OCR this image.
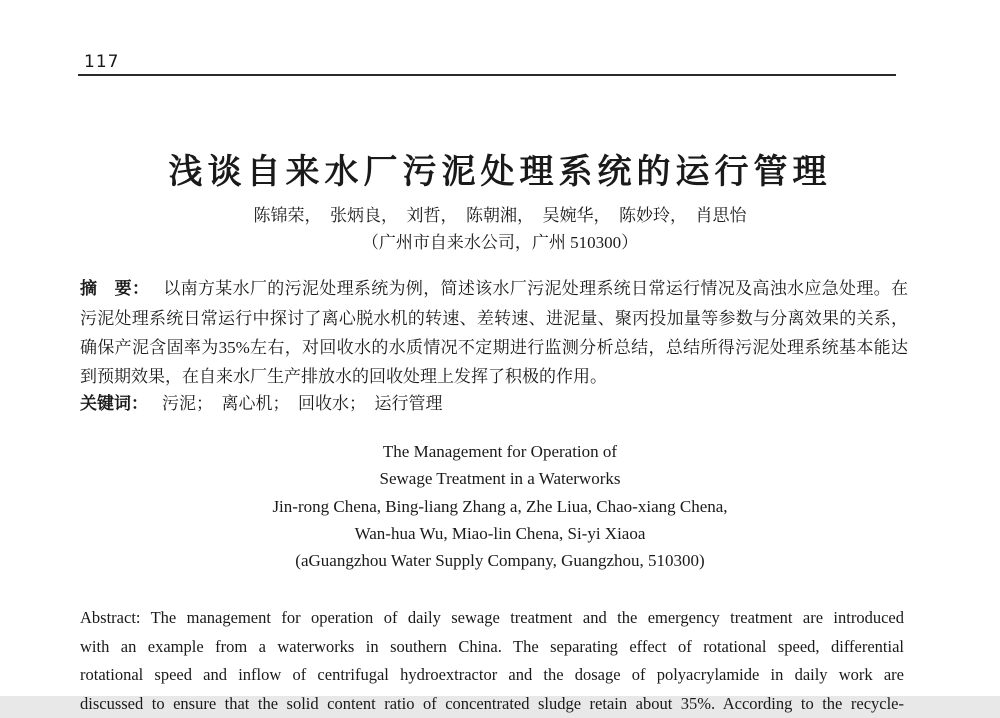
117
浅谈自来水厂污泥处理系统的运行管理
陈锦荣，　张炳良，　刘哲，　陈朝湘，　吴婉华，　陈妙玲，　肖思怡
（广州市自来水公司，广州 510300）
摘　要： 以南方某水厂的污泥处理系统为例，简述该水厂污泥处理系统日常运行情况及高浊水应急处理。在
污泥处理系统日常运行中探讨了离心脱水机的转速、差转速、进泥量、聚丙投加量等参数与分离效果的关系，
确保产泥含固率为35%左右，对回收水的水质情况不定期进行监测分析总结，总结所得污泥处理系统基本能达
到预期效果，在自来水厂生产排放水的回收处理上发挥了积极的作用。
关键词： 污泥；　离心机；　回收水；　运行管理
The Management for Operation of
Sewage Treatment in a Waterworks
Jin-rong Chena, Bing-liang Zhang a, Zhe Liua, Chao-xiang Chena,
Wan-hua Wu, Miao-lin Chena, Si-yi Xiaoa
(aGuangzhou Water Supply Company, Guangzhou, 510300)
Abstract: The management for operation of daily sewage treatment and the emergency treatment are introduced
with an example from a waterworks in southern China. The separating effect of rotational speed, differential
rotational speed and inflow of centrifugal hydroextractor and the dosage of polyacrylamide in daily work are
discussed to ensure that the solid content ratio of concentrated sludge retain about 35%. According to the recycle-
